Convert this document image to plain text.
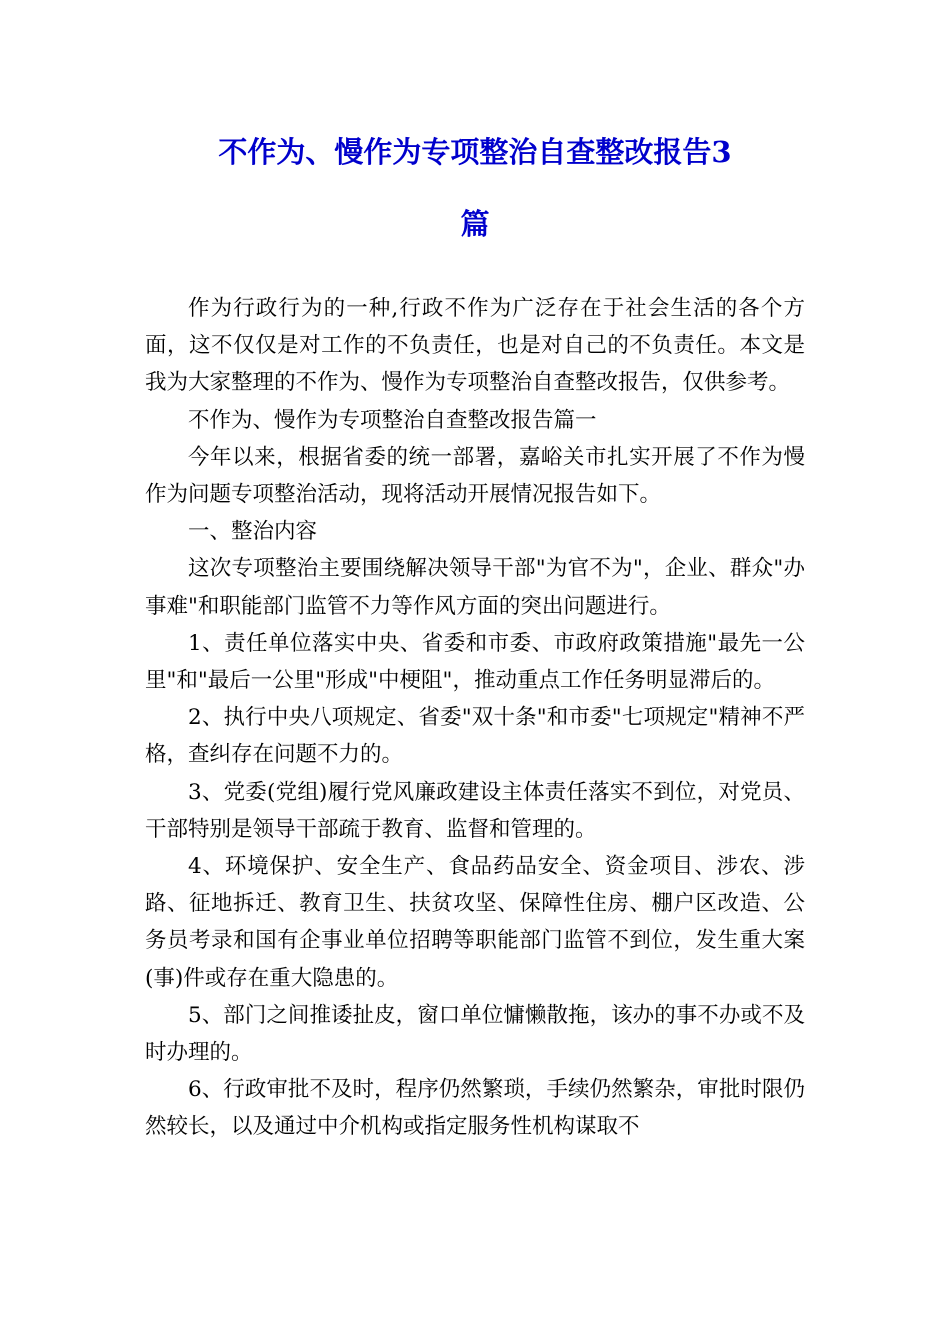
不作为、慢作为专项整治自查整改报告3
篇

作为行政行为的一种,行政不作为广泛存在于社会生活的各个方面，这不仅仅是对工作的不负责任，也是对自己的不负责任。本文是我为大家整理的不作为、慢作为专项整治自查整改报告，仅供参考。

不作为、慢作为专项整治自查整改报告篇一

今年以来，根据省委的统一部署，嘉峪关市扎实开展了不作为慢作为问题专项整治活动，现将活动开展情况报告如下。

一、整治内容

这次专项整治主要围绕解决领导干部"为官不为"，企业、群众"办事难"和职能部门监管不力等作风方面的突出问题进行。

1、责任单位落实中央、省委和市委、市政府政策措施"最先一公里"和"最后一公里"形成"中梗阻"，推动重点工作任务明显滞后的。

2、执行中央八项规定、省委"双十条"和市委"七项规定"精神不严格，查纠存在问题不力的。

3、党委(党组)履行党风廉政建设主体责任落实不到位，对党员、干部特别是领导干部疏于教育、监督和管理的。

4、环境保护、安全生产、食品药品安全、资金项目、涉农、涉路、征地拆迁、教育卫生、扶贫攻坚、保障性住房、棚户区改造、公务员考录和国有企事业单位招聘等职能部门监管不到位，发生重大案(事)件或存在重大隐患的。

5、部门之间推诿扯皮，窗口单位慵懒散拖，该办的事不办或不及时办理的。

6、行政审批不及时，程序仍然繁琐，手续仍然繁杂，审批时限仍然较长，以及通过中介机构或指定服务性机构谋取不
